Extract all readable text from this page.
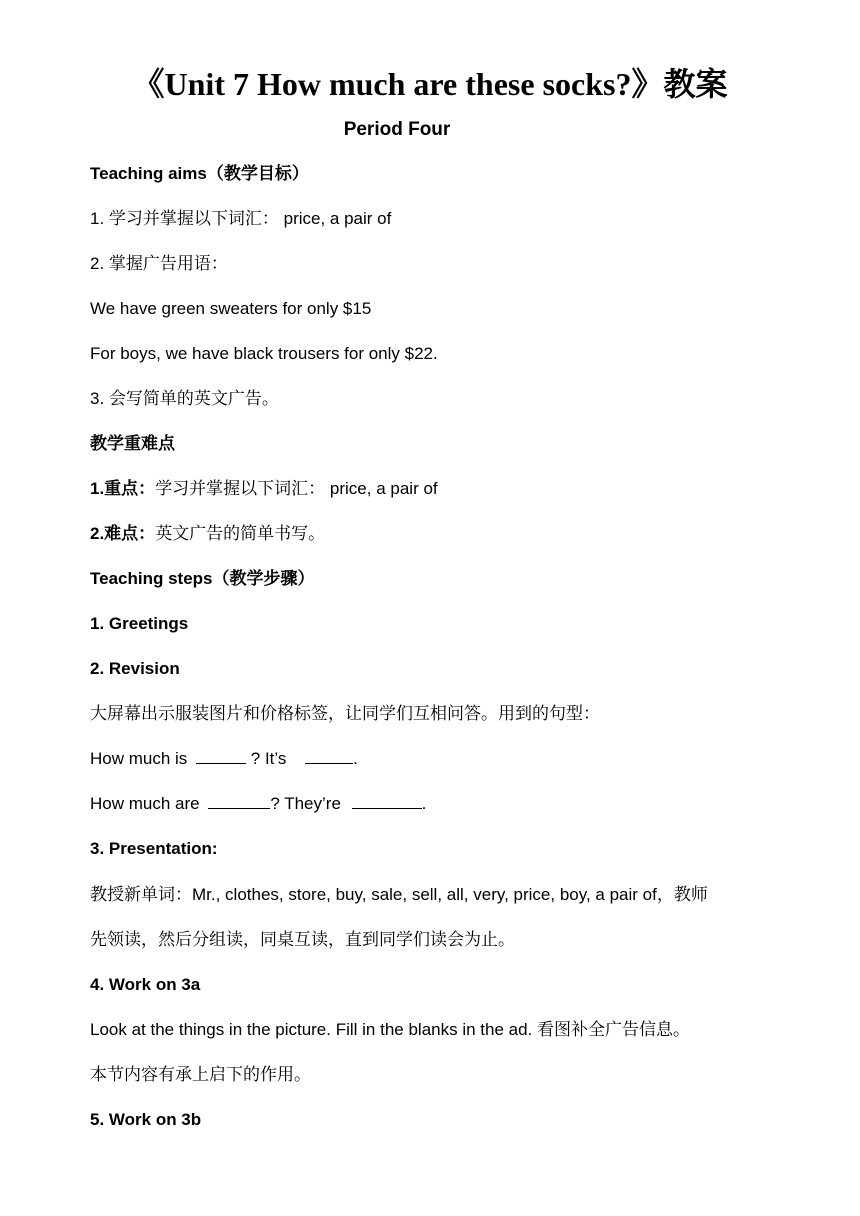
《Unit 7 How much are these socks?》教案
Period Four
Teaching aims（教学目标）
1. 学习并掌握以下词汇： price, a pair of
2. 掌握广告用语：
We have green sweaters for only $15
For boys, we have black trousers for only $22.
3. 会写简单的英文广告。
教学重难点
1.重点：学习并掌握以下词汇： price, a pair of
2.难点：英文广告的简单书写。
Teaching steps（教学步骤）
1. Greetings
2. Revision
大屏幕出示服装图片和价格标签，让同学们互相问答。用到的句型：
How much is	? It’s	.
How much are	? They’re	.
3. Presentation:
教授新单词：Mr., clothes, store, buy, sale, sell, all, very, price, boy, a pair of，教师
先领读，然后分组读，同桌互读，直到同学们读会为止。
4. Work on 3a
Look at the things in the picture. Fill in the blanks in the ad. 看图补全广告信息。
本节内容有承上启下的作用。
5. Work on 3b
